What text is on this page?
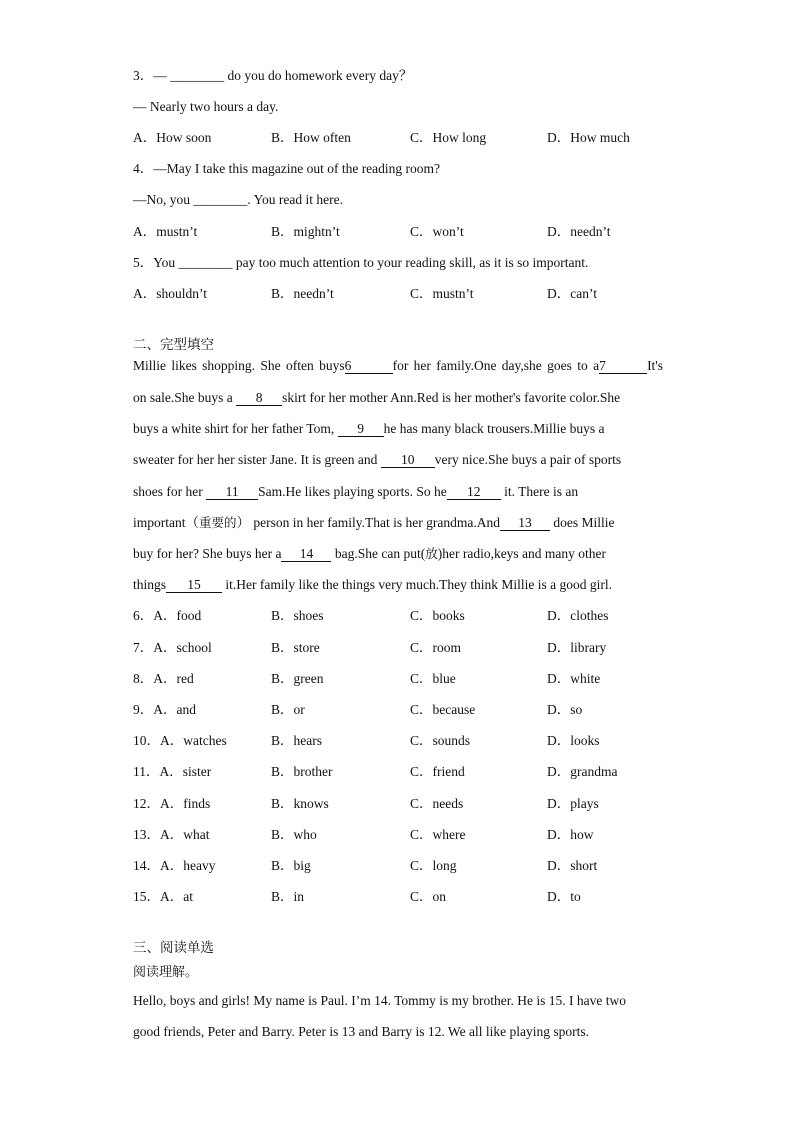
3．— ________ do you do homework every day？
— Nearly two hours a day.
A．How soon	B．How often	C．How long	D．How much
4．—May I take this magazine out of the reading room?
—No, you ________. You read it here.
A．mustn’t	B．mightn’t	C．won’t	D．needn’t
5．You ________ pay too much attention to your reading skill, as it is so important.
A．shouldn’t	B．needn’t	C．mustn’t	D．can’t
二、完型填空
Millie likes shopping. She often buys6	for her family.One day,she goes to a7	It's
on sale.She buys a 8 skirt for her mother Ann.Red is her mother's favorite color.She
buys a white shirt for her father Tom, 9 he has many black trousers.Millie buys a
sweater for her her sister Jane. It is green and 10 very nice.She buys a pair of sports
shoes for her 11 Sam.He likes playing sports. So he 12 it. There is an
important（重要的） person in her family.That is her grandma.And 13 does Millie
buy for her? She buys her a 14 bag.She can put(放)her radio,keys and many other
things 15 it.Her family like the things very much.They think Millie is a good girl.
6．A．food	B．shoes	C．books	D．clothes
7．A．school	B．store	C．room	D．library
8．A．red	B．green	C．blue	D．white
9．A．and	B．or	C．because	D．so
10．A．watches	B．hears	C．sounds	D．looks
11．A．sister	B．brother	C．friend	D．grandma
12．A．finds	B．knows	C．needs	D．plays
13．A．what	B．who	C．where	D．how
14．A．heavy	B．big	C．long	D．short
15．A．at	B．in	C．on	D．to
三、阅读单选
阅读理解。
Hello, boys and girls! My name is Paul. I’m 14. Tommy is my brother. He is 15. I have two
good friends, Peter and Barry. Peter is 13 and Barry is 12. We all like playing sports.
